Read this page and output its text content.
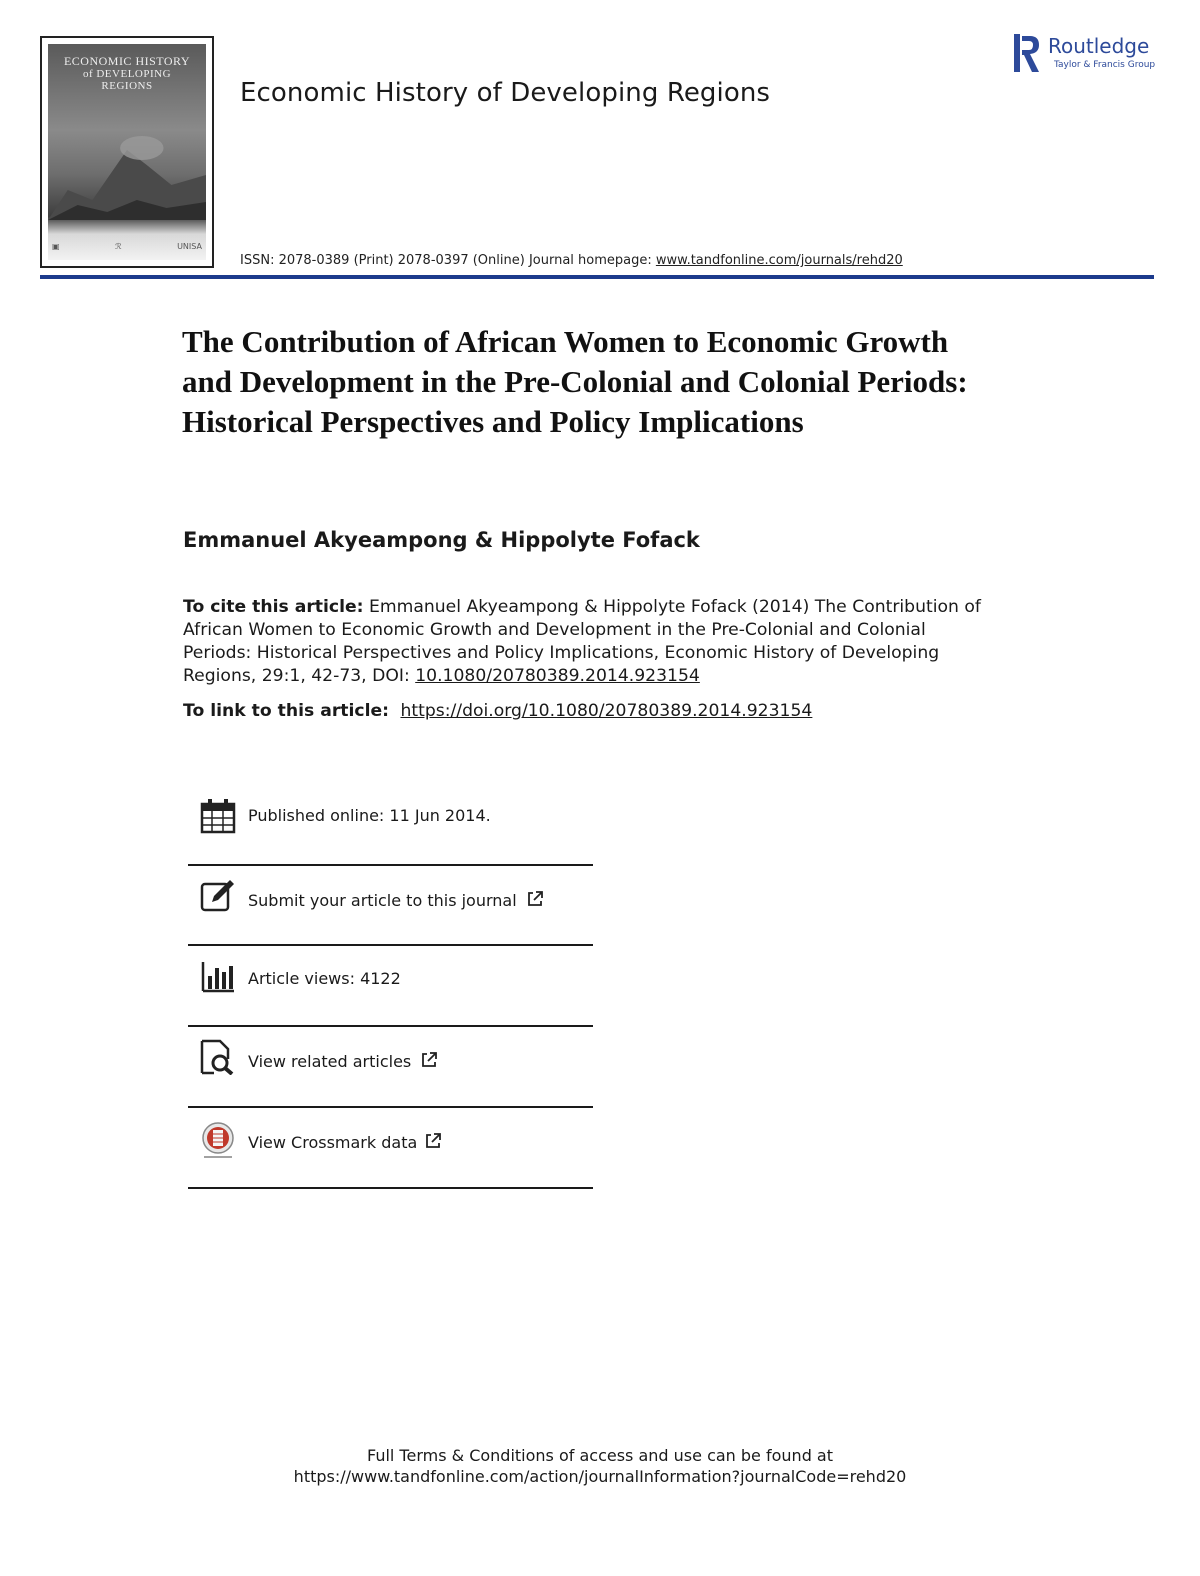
ECONOMIC HISTORY
of DEVELOPING REGIONS
▣	ℛ	UNISA
Economic History of Developing Regions
Routledge
Taylor & Francis Group
ISSN: 2078-0389 (Print) 2078-0397 (Online) Journal homepage: www.tandfonline.com/journals/rehd20
The Contribution of African Women to Economic Growth and Development in the Pre-Colonial and Colonial Periods: Historical Perspectives and Policy Implications
Emmanuel Akyeampong & Hippolyte Fofack
To cite this article: Emmanuel Akyeampong & Hippolyte Fofack (2014) The Contribution of African Women to Economic Growth and Development in the Pre-Colonial and Colonial Periods: Historical Perspectives and Policy Implications, Economic History of Developing Regions, 29:1, 42-73, DOI: 10.1080/20780389.2014.923154
To link to this article:  https://doi.org/10.1080/20780389.2014.923154
Published online: 11 Jun 2014.
Submit your article to this journal
Article views: 4122
View related articles
View Crossmark data
Full Terms & Conditions of access and use can be found at
https://www.tandfonline.com/action/journalInformation?journalCode=rehd20
